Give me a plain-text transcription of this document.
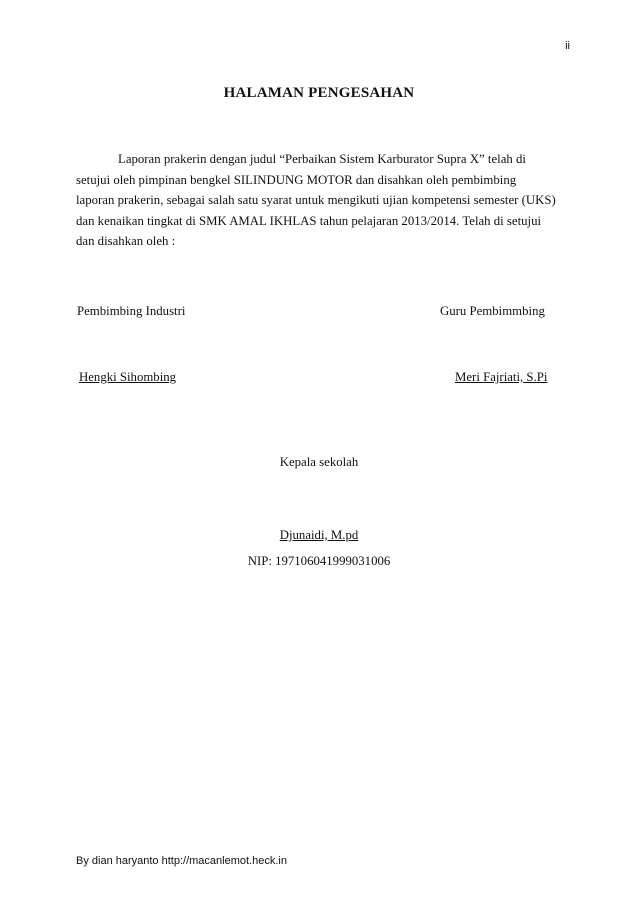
ii
HALAMAN PENGESAHAN
Laporan prakerin dengan judul “Perbaikan Sistem Karburator Supra X” telah di
setujui oleh pimpinan bengkel SILINDUNG MOTOR dan disahkan oleh pembimbing
laporan prakerin, sebagai salah satu syarat untuk mengikuti ujian kompetensi semester (UKS)
dan kenaikan tingkat di SMK AMAL IKHLAS tahun pelajaran 2013/2014. Telah di setujui
dan disahkan oleh :
Pembimbing Industri	Guru Pembimmbing
Hengki Sihombing	Meri Fajriati, S.Pi
Kepala sekolah
Djunaidi, M.pd
NIP: 197106041999031006
By dian haryanto http://macanlemot.heck.in
